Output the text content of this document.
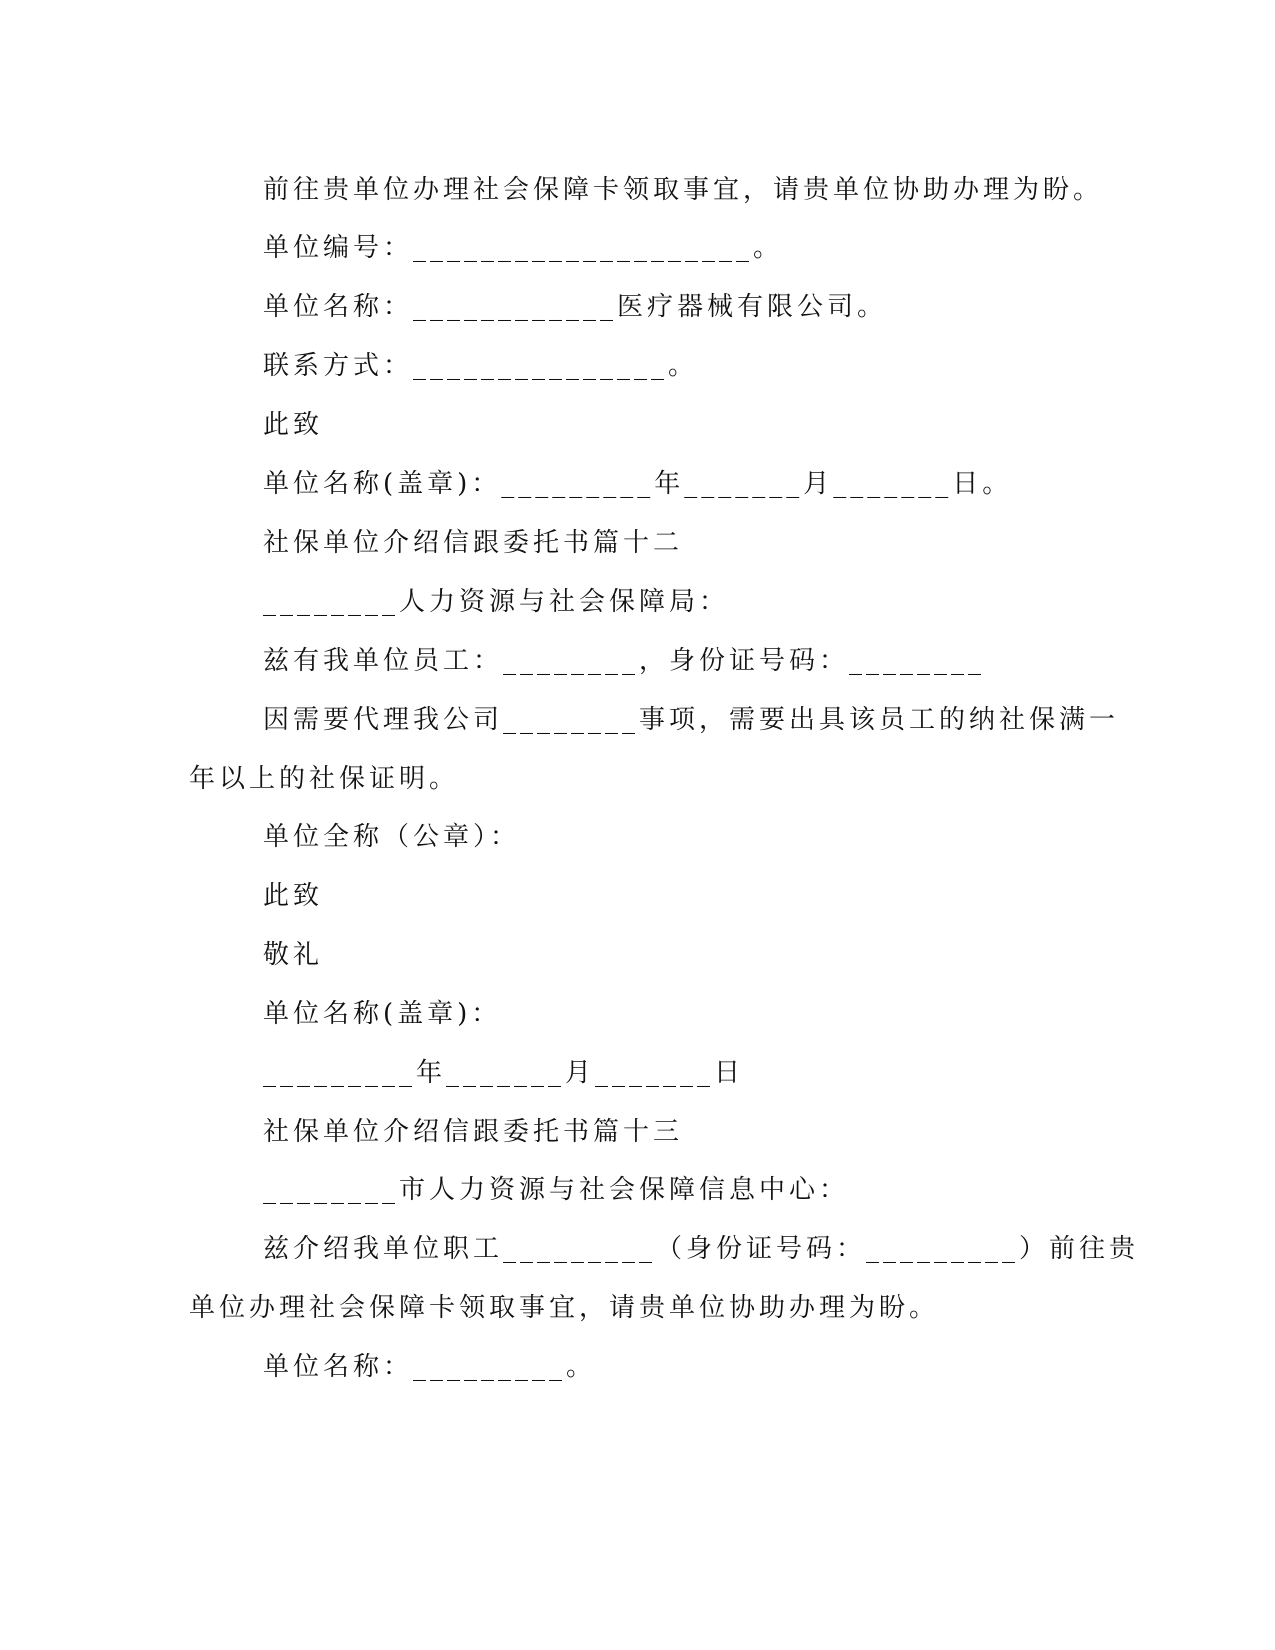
前往贵单位办理社会保障卡领取事宜，请贵单位协助办理为盼。
单位编号：____________________。
单位名称：____________医疗器械有限公司。
联系方式：_______________。
此致
单位名称(盖章)：_________年_______月_______日。
社保单位介绍信跟委托书篇十二
________人力资源与社会保障局：
兹有我单位员工：________，身份证号码：________
因需要代理我公司________事项，需要出具该员工的纳社保满一
年以上的社保证明。
单位全称（公章）：
此致
敬礼
单位名称(盖章)：
_________年_______月_______日
社保单位介绍信跟委托书篇十三
________市人力资源与社会保障信息中心：
兹介绍我单位职工_________（身份证号码：_________）前往贵
单位办理社会保障卡领取事宜，请贵单位协助办理为盼。
单位名称：_________。
